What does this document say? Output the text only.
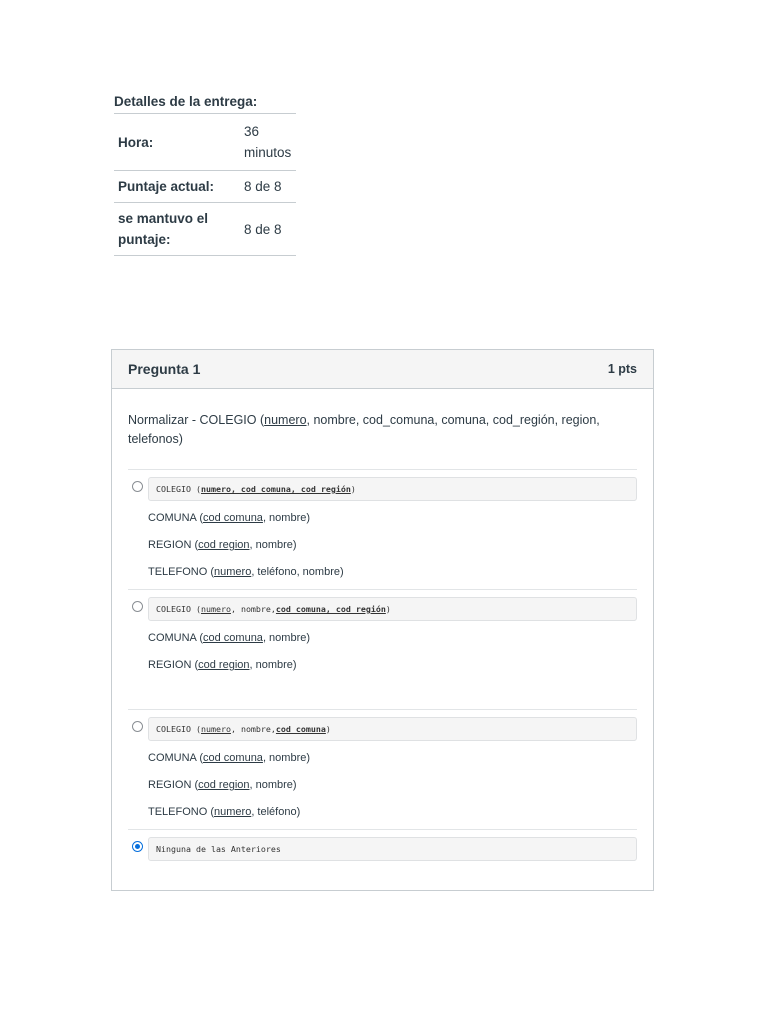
Detalles de la entrega:
Hora:	36
minutos
Puntaje actual:	8 de 8
se mantuvo el
puntaje:	8 de 8
Pregunta 1	1 pts
Normalizar - COLEGIO (numero, nombre, cod_comuna, comuna, cod_región, region,
telefonos)
COLEGIO ( numero, cod comuna, cod región )
COMUNA (cod comuna, nombre)
REGION (cod region, nombre)
TELEFONO (numero, teléfono, nombre)
COLEGIO ( numero , nombre, cod comuna, cod región )
COMUNA (cod comuna, nombre)
REGION (cod region, nombre)
COLEGIO ( numero , nombre, cod comuna )
COMUNA (cod comuna, nombre)
REGION (cod region, nombre)
TELEFONO (numero, teléfono)
Ninguna de las Anteriores
